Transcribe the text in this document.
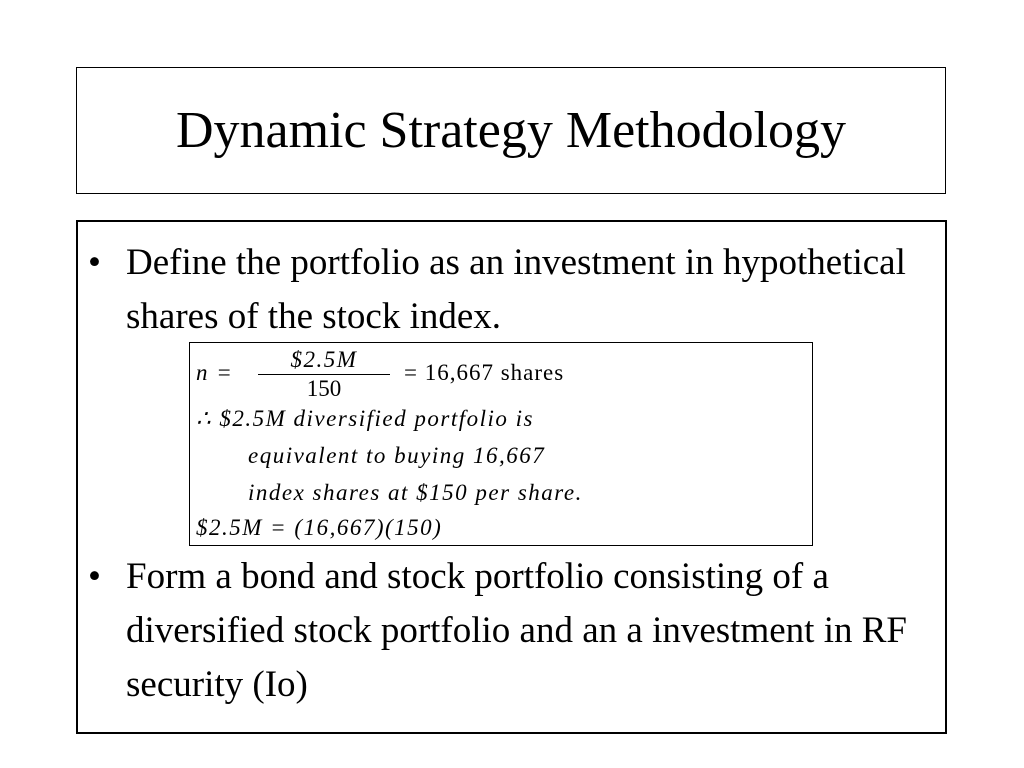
Dynamic Strategy Methodology
• Define the portfolio as an investment in hypothetical shares of the stock index.
n =
$2.5M
150
= 16,667 shares
∴ $2.5M diversified portfolio is
equivalent to buying 16,667
index shares at $150 per share.
$2.5M = (16,667)(150)
• Form a bond and stock portfolio consisting of a diversified stock portfolio and an a investment in RF security (Io)
